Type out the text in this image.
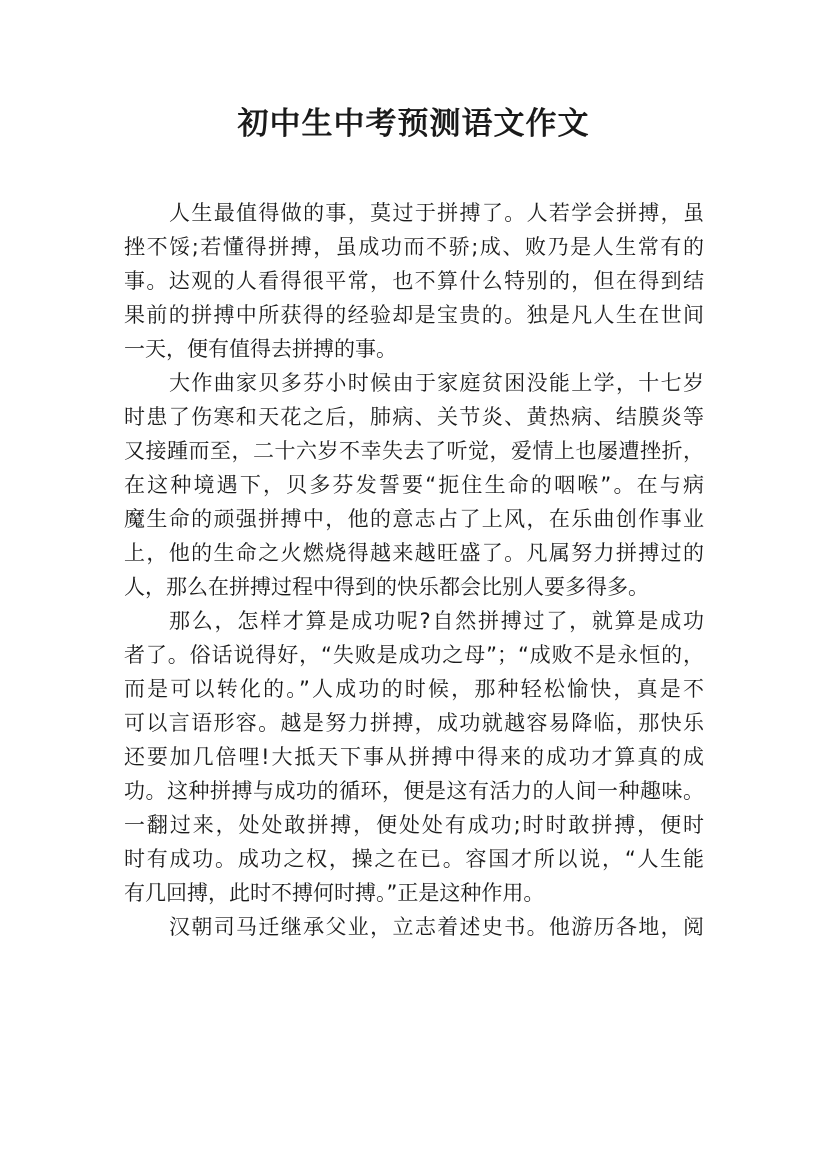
初中生中考预测语文作文
人生最值得做的事，莫过于拼搏了。人若学会拼搏，虽
挫不馁;若懂得拼搏，虽成功而不骄;成、败乃是人生常有的
事。达观的人看得很平常，也不算什么特别的，但在得到结
果前的拼搏中所获得的经验却是宝贵的。独是凡人生在世间
一天，便有值得去拼搏的事。
大作曲家贝多芬小时候由于家庭贫困没能上学，十七岁
时患了伤寒和天花之后，肺病、关节炎、黄热病、结膜炎等
又接踵而至，二十六岁不幸失去了听觉，爱情上也屡遭挫折，
在这种境遇下，贝多芬发誓要“扼住生命的咽喉”。在与病
魔生命的顽强拼搏中，他的意志占了上风，在乐曲创作事业
上，他的生命之火燃烧得越来越旺盛了。凡属努力拼搏过的
人，那么在拼搏过程中得到的快乐都会比别人要多得多。
那么，怎样才算是成功呢?自然拼搏过了，就算是成功
者了。俗话说得好，“失败是成功之母”；“成败不是永恒的，
而是可以转化的。”人成功的时候，那种轻松愉快，真是不
可以言语形容。越是努力拼搏，成功就越容易降临，那快乐
还要加几倍哩!大抵天下事从拼搏中得来的成功才算真的成
功。这种拼搏与成功的循环，便是这有活力的人间一种趣味。
一翻过来，处处敢拼搏，便处处有成功;时时敢拼搏，便时
时有成功。成功之权，操之在已。容国才所以说，“人生能
有几回搏，此时不搏何时搏。”正是这种作用。
汉朝司马迁继承父业，立志着述史书。他游历各地，阅
